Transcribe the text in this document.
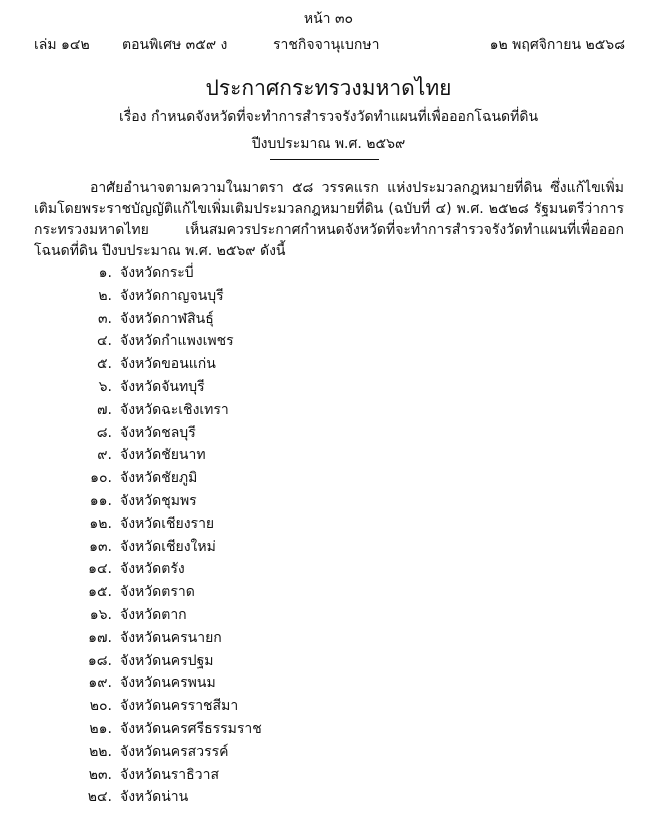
หน้า ๓๐
เล่ม ๑๔๒ ตอนพิเศษ ๓๕๙ ง	ราชกิจจานุเบกษา	๑๒ พฤศจิกายน ๒๕๖๘
ประกาศกระทรวงมหาดไทย
เรื่อง กำหนดจังหวัดที่จะทำการสำรวจรังวัดทำแผนที่เพื่อออกโฉนดที่ดิน
ปีงบประมาณ พ.ศ. ๒๕๖๙
อาศัยอำนาจตามความในมาตรา ๕๘ วรรคแรก แห่งประมวลกฎหมายที่ดิน ซึ่งแก้ไขเพิ่มเติมโดยพระราชบัญญัติแก้ไขเพิ่มเติมประมวลกฎหมายที่ดิน (ฉบับที่ ๔) พ.ศ. ๒๕๒๘ รัฐมนตรีว่าการกระทรวงมหาดไทย เห็นสมควรประกาศกำหนดจังหวัดที่จะทำการสำรวจรังวัดทำแผนที่เพื่อออกโฉนดที่ดิน ปีงบประมาณ พ.ศ. ๒๕๖๙ ดังนี้
๑. จังหวัดกระบี่
๒. จังหวัดกาญจนบุรี
๓. จังหวัดกาฬสินธุ์
๔. จังหวัดกำแพงเพชร
๕. จังหวัดขอนแก่น
๖. จังหวัดจันทบุรี
๗. จังหวัดฉะเชิงเทรา
๘. จังหวัดชลบุรี
๙. จังหวัดชัยนาท
๑๐. จังหวัดชัยภูมิ
๑๑. จังหวัดชุมพร
๑๒. จังหวัดเชียงราย
๑๓. จังหวัดเชียงใหม่
๑๔. จังหวัดตรัง
๑๕. จังหวัดตราด
๑๖. จังหวัดตาก
๑๗. จังหวัดนครนายก
๑๘. จังหวัดนครปฐม
๑๙. จังหวัดนครพนม
๒๐. จังหวัดนครราชสีมา
๒๑. จังหวัดนครศรีธรรมราช
๒๒. จังหวัดนครสวรรค์
๒๓. จังหวัดนราธิวาส
๒๔. จังหวัดน่าน
